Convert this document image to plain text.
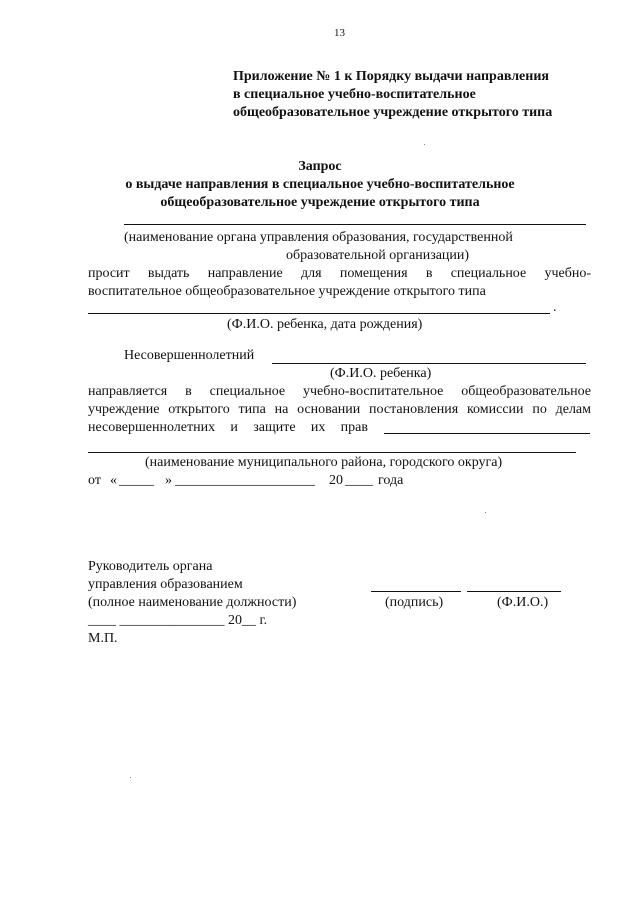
13
Приложение № 1 к Порядку выдачи направления
в специальное учебно-воспитательное
общеобразовательное учреждение открытого типа
Запрос
о выдаче направления в специальное учебно-воспитательное
общеобразовательное учреждение открытого типа
(наименование органа управления образования, государственной
образовательной организации)
просит выдать направление для помещения в специальное учебно-
воспитательное общеобразовательное учреждение открытого типа
.
(Ф.И.О. ребенка, дата рождения)
Несовершеннолетний
(Ф.И.О. ребенка)
направляется в специальное учебно-воспитательное общеобразовательное
учреждение открытого типа на основании постановления комиссии по делам
несовершеннолетних и защите их прав
(наименование муниципального района, городского округа)
от « _____ » ____________________ 20 ____ года
Руководитель органа
управления образованием
(полное наименование должности)	(подпись)	(Ф.И.О.)
____ _______________ 20__ г.
М.П.
